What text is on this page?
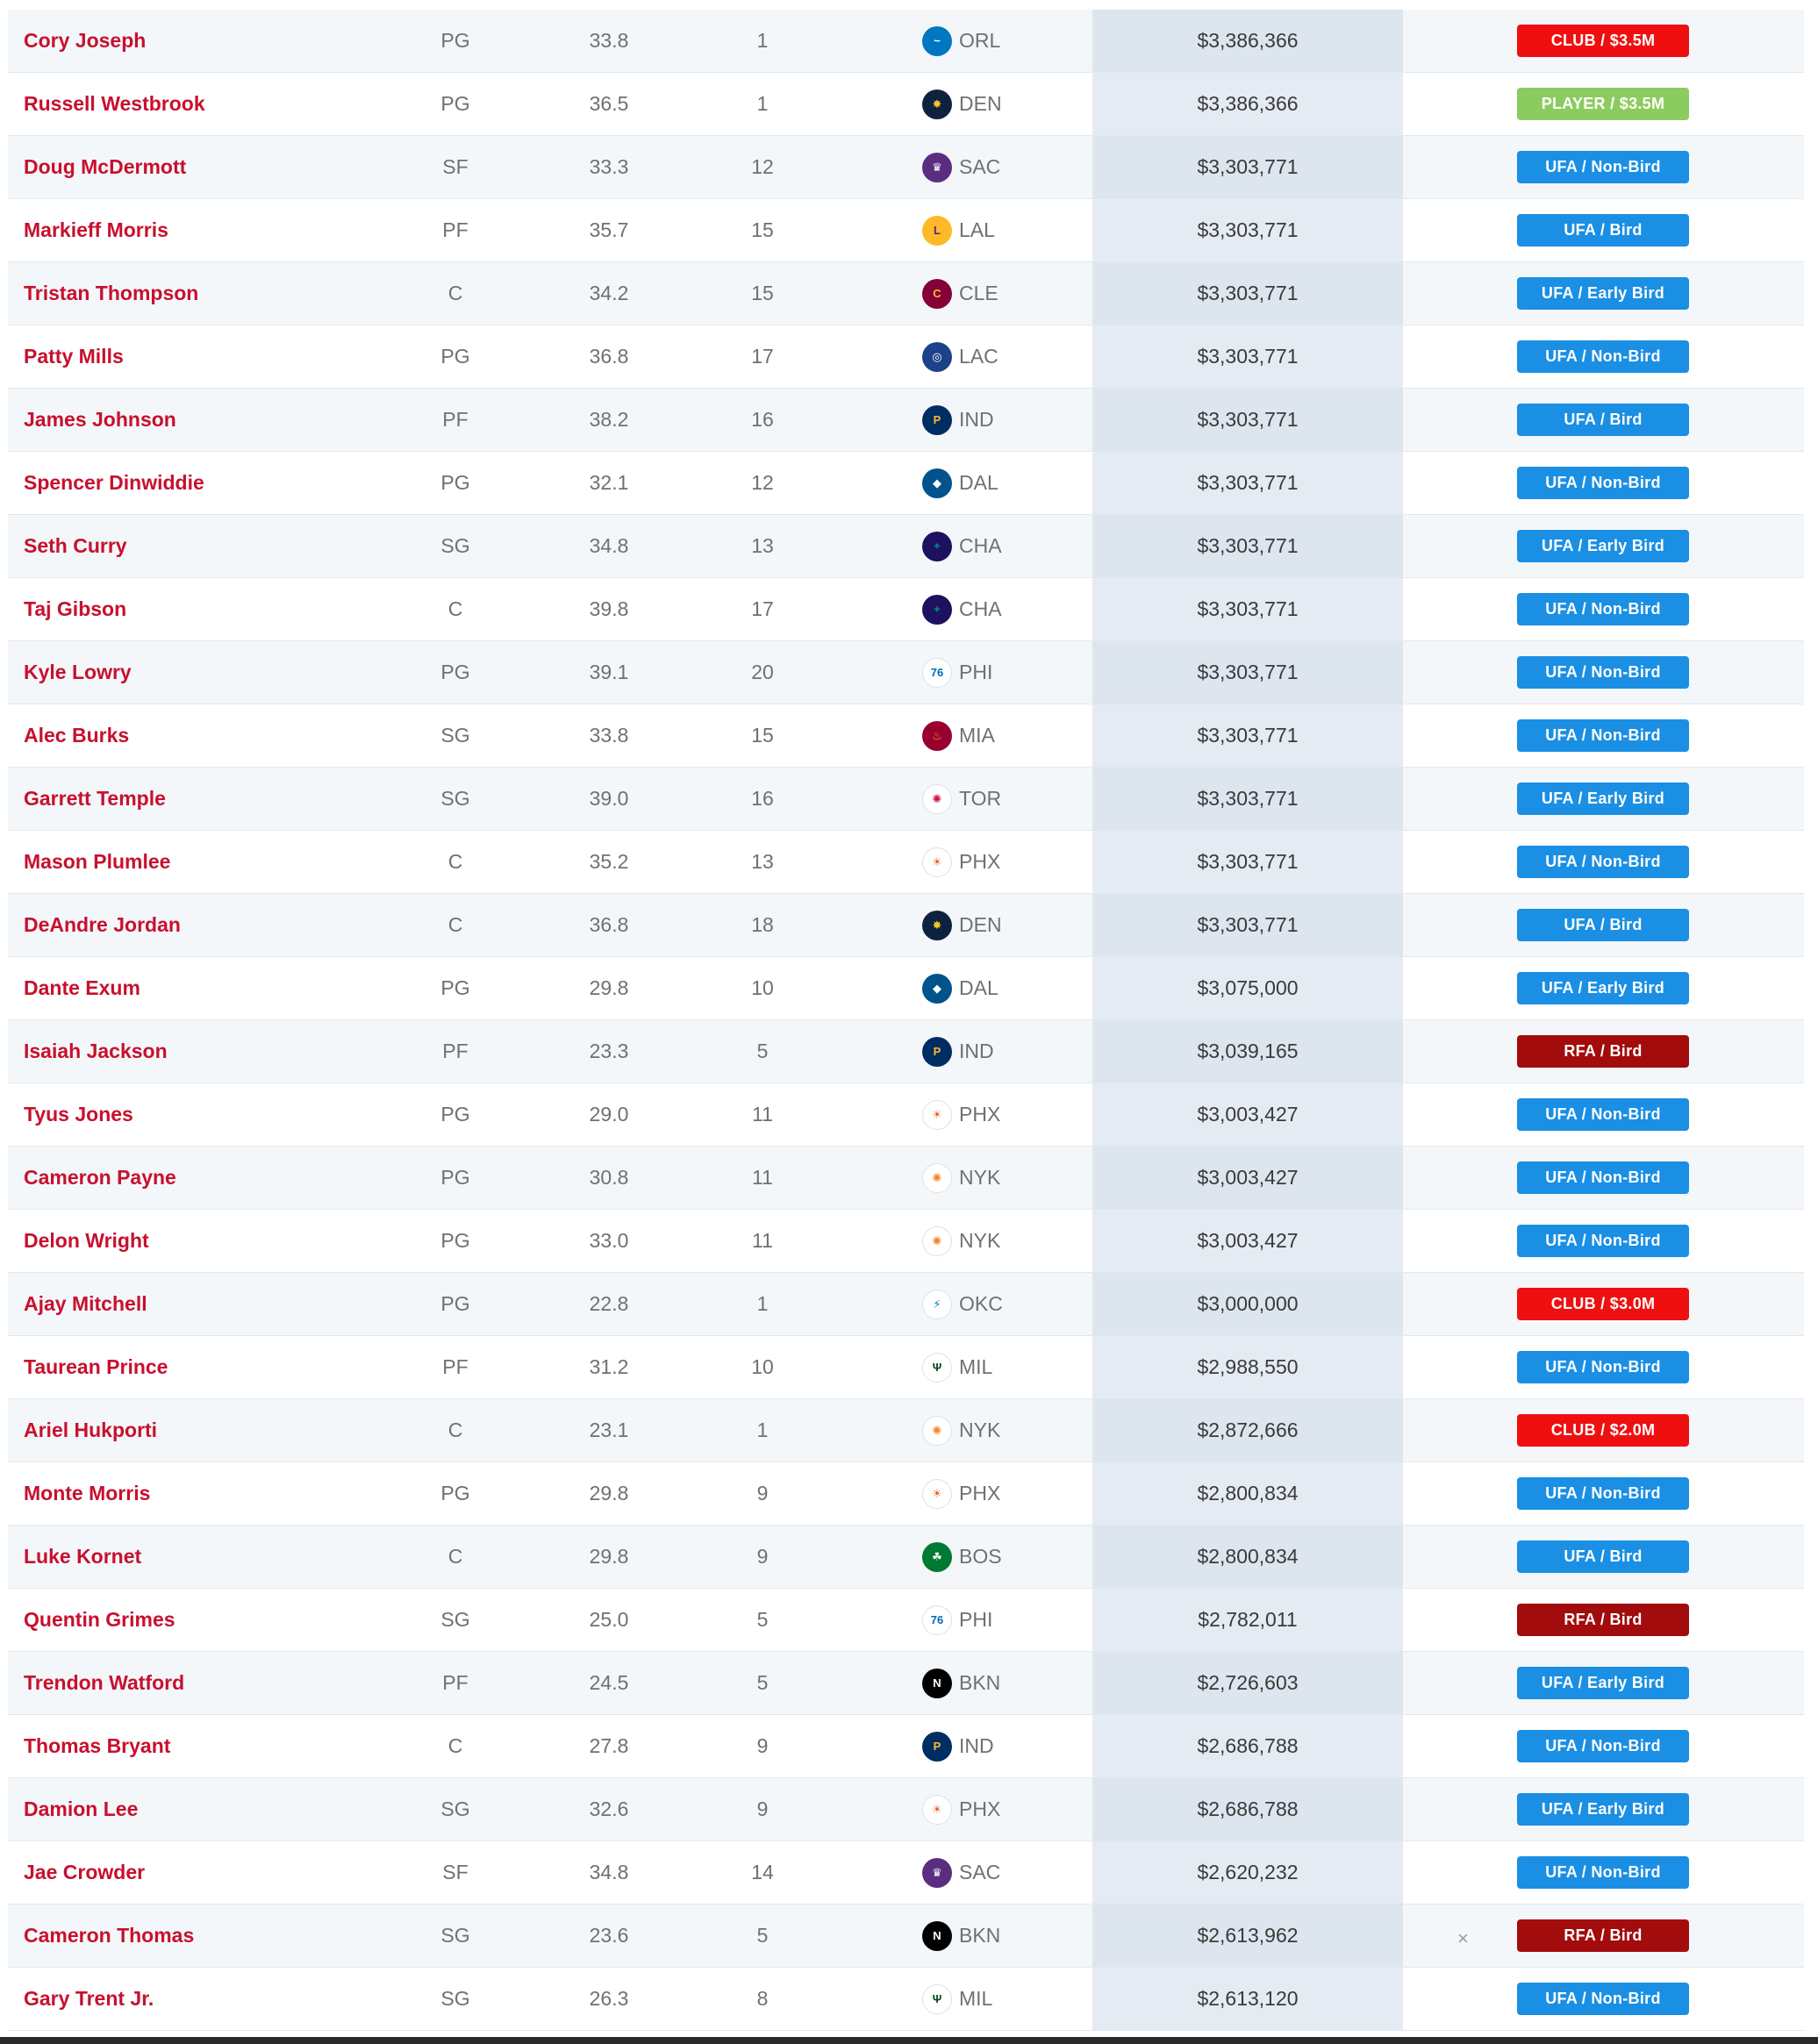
Cory Joseph	PG	33.8	1	~ ORL	$3,386,366	CLUB / $3.5M
Russell Westbrook	PG	36.5	1	✸ DEN	$3,386,366	PLAYER / $3.5M
Doug McDermott	SF	33.3	12	♛ SAC	$3,303,771	UFA / Non-Bird
Markieff Morris	PF	35.7	15	L LAL	$3,303,771	UFA / Bird
Tristan Thompson	C	34.2	15	C CLE	$3,303,771	UFA / Early Bird
Patty Mills	PG	36.8	17	◎ LAC	$3,303,771	UFA / Non-Bird
James Johnson	PF	38.2	16	P IND	$3,303,771	UFA / Bird
Spencer Dinwiddie	PG	32.1	12	◆ DAL	$3,303,771	UFA / Non-Bird
Seth Curry	SG	34.8	13	✦ CHA	$3,303,771	UFA / Early Bird
Taj Gibson	C	39.8	17	✦ CHA	$3,303,771	UFA / Non-Bird
Kyle Lowry	PG	39.1	20	76 PHI	$3,303,771	UFA / Non-Bird
Alec Burks	SG	33.8	15	♨ MIA	$3,303,771	UFA / Non-Bird
Garrett Temple	SG	39.0	16	✺ TOR	$3,303,771	UFA / Early Bird
Mason Plumlee	C	35.2	13	☀ PHX	$3,303,771	UFA / Non-Bird
DeAndre Jordan	C	36.8	18	✸ DEN	$3,303,771	UFA / Bird
Dante Exum	PG	29.8	10	◆ DAL	$3,075,000	UFA / Early Bird
Isaiah Jackson	PF	23.3	5	P IND	$3,039,165	RFA / Bird
Tyus Jones	PG	29.0	11	☀ PHX	$3,003,427	UFA / Non-Bird
Cameron Payne	PG	30.8	11	✺ NYK	$3,003,427	UFA / Non-Bird
Delon Wright	PG	33.0	11	✺ NYK	$3,003,427	UFA / Non-Bird
Ajay Mitchell	PG	22.8	1	⚡ OKC	$3,000,000	CLUB / $3.0M
Taurean Prince	PF	31.2	10	Ψ MIL	$2,988,550	UFA / Non-Bird
Ariel Hukporti	C	23.1	1	✺ NYK	$2,872,666	CLUB / $2.0M
Monte Morris	PG	29.8	9	☀ PHX	$2,800,834	UFA / Non-Bird
Luke Kornet	C	29.8	9	☘ BOS	$2,800,834	UFA / Bird
Quentin Grimes	SG	25.0	5	76 PHI	$2,782,011	RFA / Bird
Trendon Watford	PF	24.5	5	N BKN	$2,726,603	UFA / Early Bird
Thomas Bryant	C	27.8	9	P IND	$2,686,788	UFA / Non-Bird
Damion Lee	SG	32.6	9	☀ PHX	$2,686,788	UFA / Early Bird
Jae Crowder	SF	34.8	14	♛ SAC	$2,620,232	UFA / Non-Bird
Cameron Thomas	SG	23.6	5	N BKN	$2,613,962	×	RFA / Bird
Gary Trent Jr.	SG	26.3	8	Ψ MIL	$2,613,120	UFA / Non-Bird
